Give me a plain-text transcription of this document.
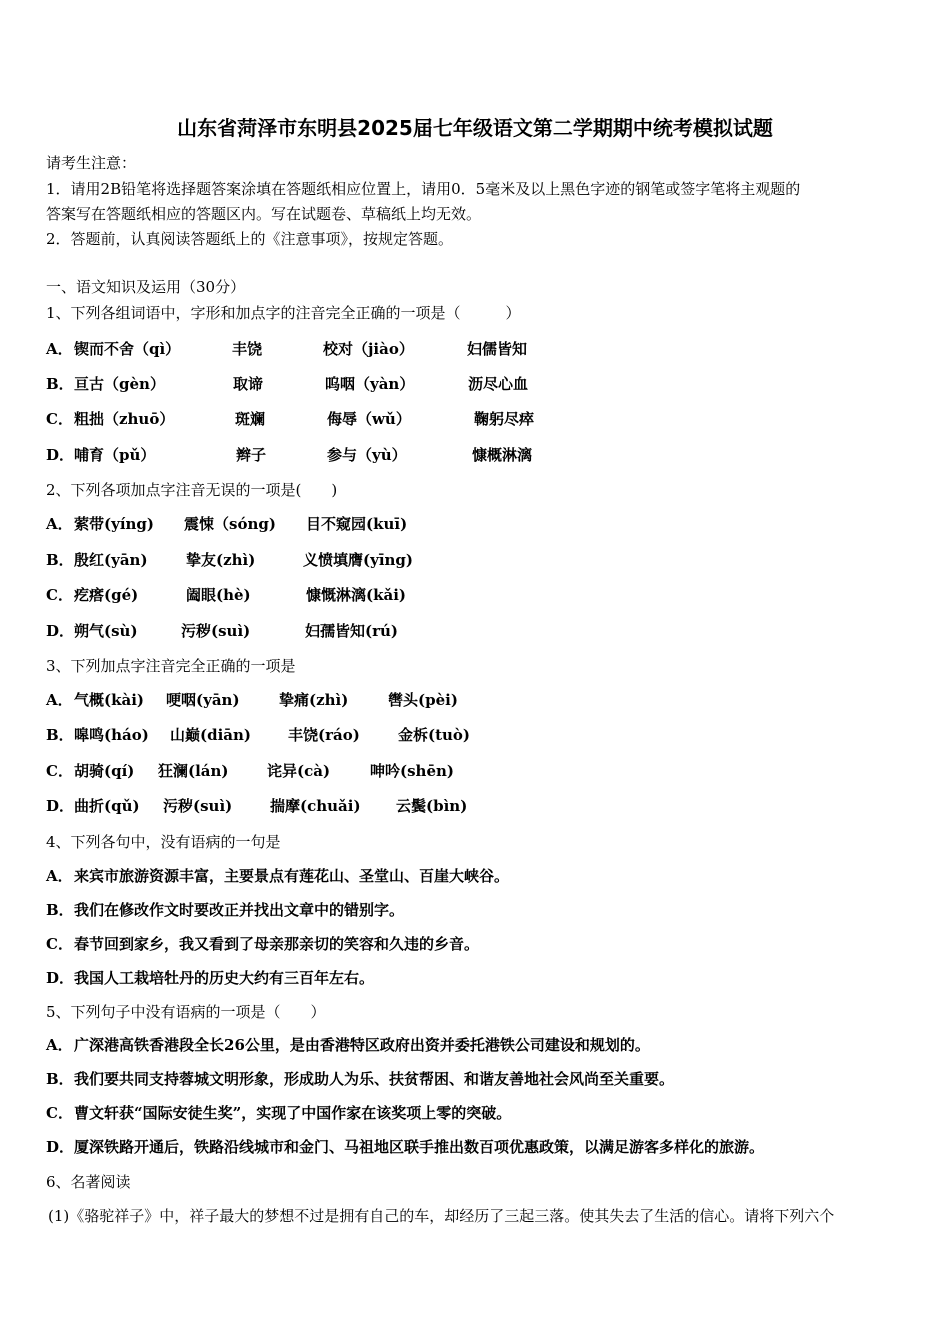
山东省菏泽市东明县2025届七年级语文第二学期期中统考模拟试题
请考生注意：
1．请用2B铅笔将选择题答案涂填在答题纸相应位置上，请用0．5毫米及以上黑色字迹的钢笔或签字笔将主观题的
答案写在答题纸相应的答题区内。写在试题卷、草稿纸上均无效。
2．答题前，认真阅读答题纸上的《注意事项》，按规定答题。
一、语文知识及运用（30分）
1、下列各组词语中，字形和加点字的注音完全正确的一项是（　　　）
A． 锲而不舍（qì）	丰饶	校对（jiào）	妇儒皆知
B． 亘古（gèn）	取谛	呜咽（yàn）	沥尽心血
C． 粗拙（zhuō）	斑斓	侮辱（wǔ）	鞠躬尽瘁
D． 哺育（pǔ）	辫子	参与（yù）	慷概淋漓
2、下列各项加点字注音无误的一项是(　　)
A． 萦带(yíng) 震悚（sóng) 目不窥园(kuī)
B． 殷红(yān)	挚友(zhì)	义愤填膺(yīng)
C． 疙瘩(gé)	阖眼(hè)	慷慨淋漓(kǎi)
D． 朔气(sù)	污秽(suì)	妇孺皆知(rú)
3、下列加点字注音完全正确的一项是
A． 气概(kài) 哽咽(yān)	挚痛(zhì)	辔头(pèi)
B． 嗥鸣(háo) 山巅(diān) 丰饶(ráo)	金柝(tuò)
C． 胡骑(qí) 狂澜(lán)	诧异(cà)	呻吟(shēn)
D． 曲折(qǔ) 污秽(suì)	揣摩(chuǎi) 云鬓(bìn)
4、下列各句中，没有语病的一句是
A．来宾市旅游资源丰富，主要景点有莲花山、圣堂山、百崖大峡谷。
B．我们在修改作文时要改正并找出文章中的错别字。
C．春节回到家乡，我又看到了母亲那亲切的笑容和久违的乡音。
D．我国人工栽培牡丹的历史大约有三百年左右。
5、下列句子中没有语病的一项是（　　）
A．广深港高铁香港段全长26公里，是由香港特区政府出资并委托港铁公司建设和规划的。
B．我们要共同支持蓉城文明形象，形成助人为乐、扶贫帮困、和谐友善地社会风尚至关重要。
C．曹文轩获“国际安徒生奖”，实现了中国作家在该奖项上零的突破。
D．厦深铁路开通后，铁路沿线城市和金门、马祖地区联手推出数百项优惠政策，以满足游客多样化的旅游。
6、名著阅读
(1)《骆驼祥子》中，祥子最大的梦想不过是拥有自己的车，却经历了三起三落。使其失去了生活的信心。请将下列六个
